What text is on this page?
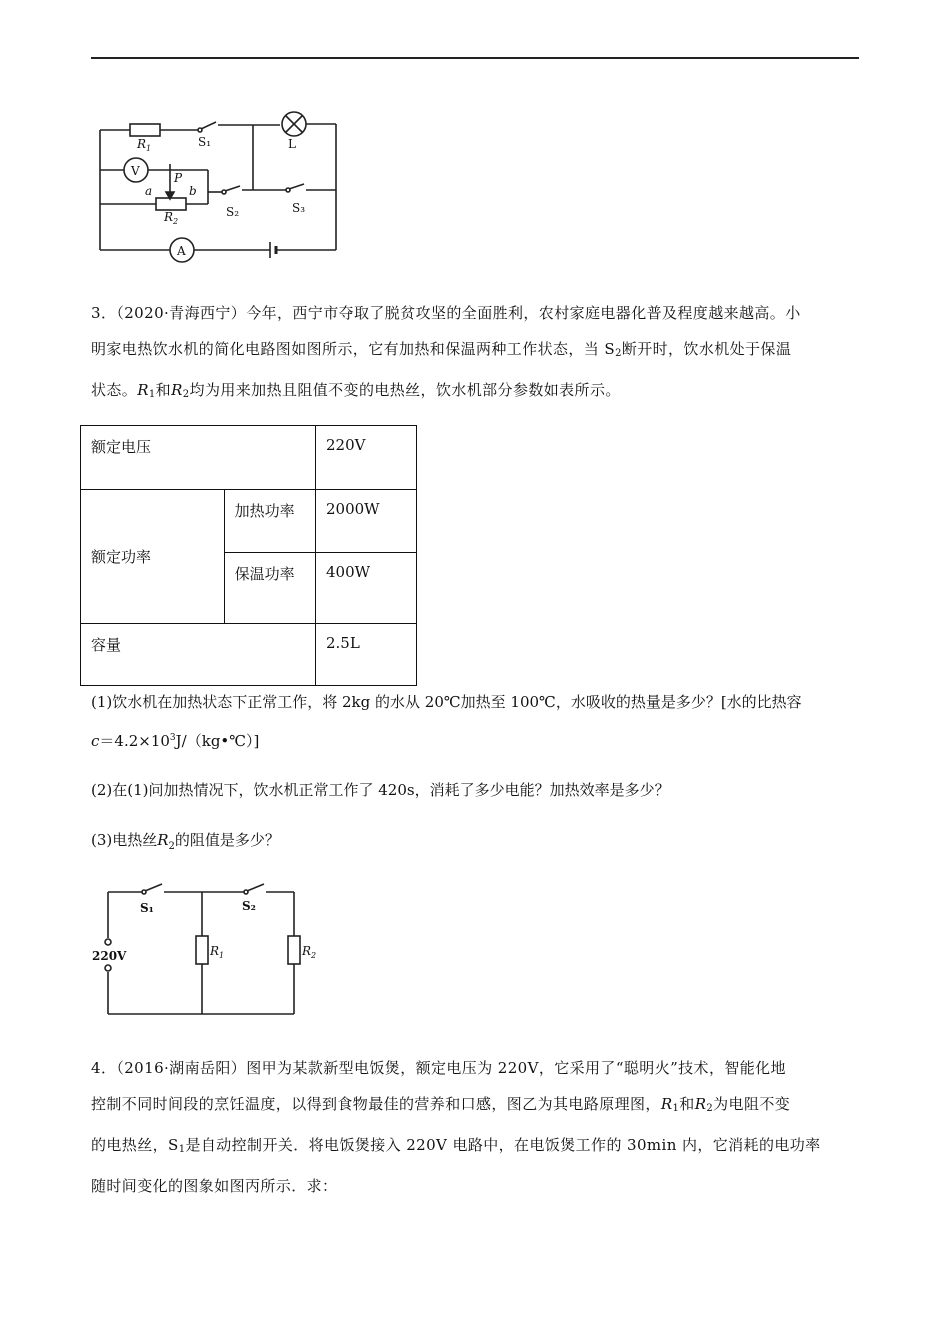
$R_1$	S₁	L
V	P
a	b
$R_2$
S₂	S₃
A
3．（2020·青海西宁）今年，西宁市夺取了脱贫攻坚的全面胜利，农村家庭电器化普及程度越来越高。小
明家电热饮水机的简化电路图如图所示，它有加热和保温两种工作状态，当 $S_2$断开时，饮水机处于保温
状态。$R_1$和$R_2$均为用来加热且阻值不变的电热丝，饮水机部分参数如表所示。
额定电压		220V
额定功率	加热功率	2000W
	保温功率	400W
容量		2.5L
(1)饮水机在加热状态下正常工作，将 2kg 的水从 20℃加热至 100℃，水吸收的热量是多少？[水的比热容
$c=4.2\times 10^3J/(kg•℃)$]
(2)在(1)问加热情况下，饮水机正常工作了 420s，消耗了多少电能？加热效率是多少？
(3)电热丝$R_2$的阻值是多少？
S₁	S₂
220V	$R_1$	$R_2$
4．（2016·湖南岳阳）图甲为某款新型电饭煲，额定电压为 220V，它采用了“聪明火”技术，智能化地
控制不同时间段的烹饪温度，以得到食物最佳的营养和口感，图乙为其电路原理图，$R_1$和$R_2$为电阻不变
的电热丝，$S_1$是自动控制开关．将电饭煲接入 220V 电路中，在电饭煲工作的 30min 内，它消耗的电功率
随时间变化的图象如图丙所示．求：
